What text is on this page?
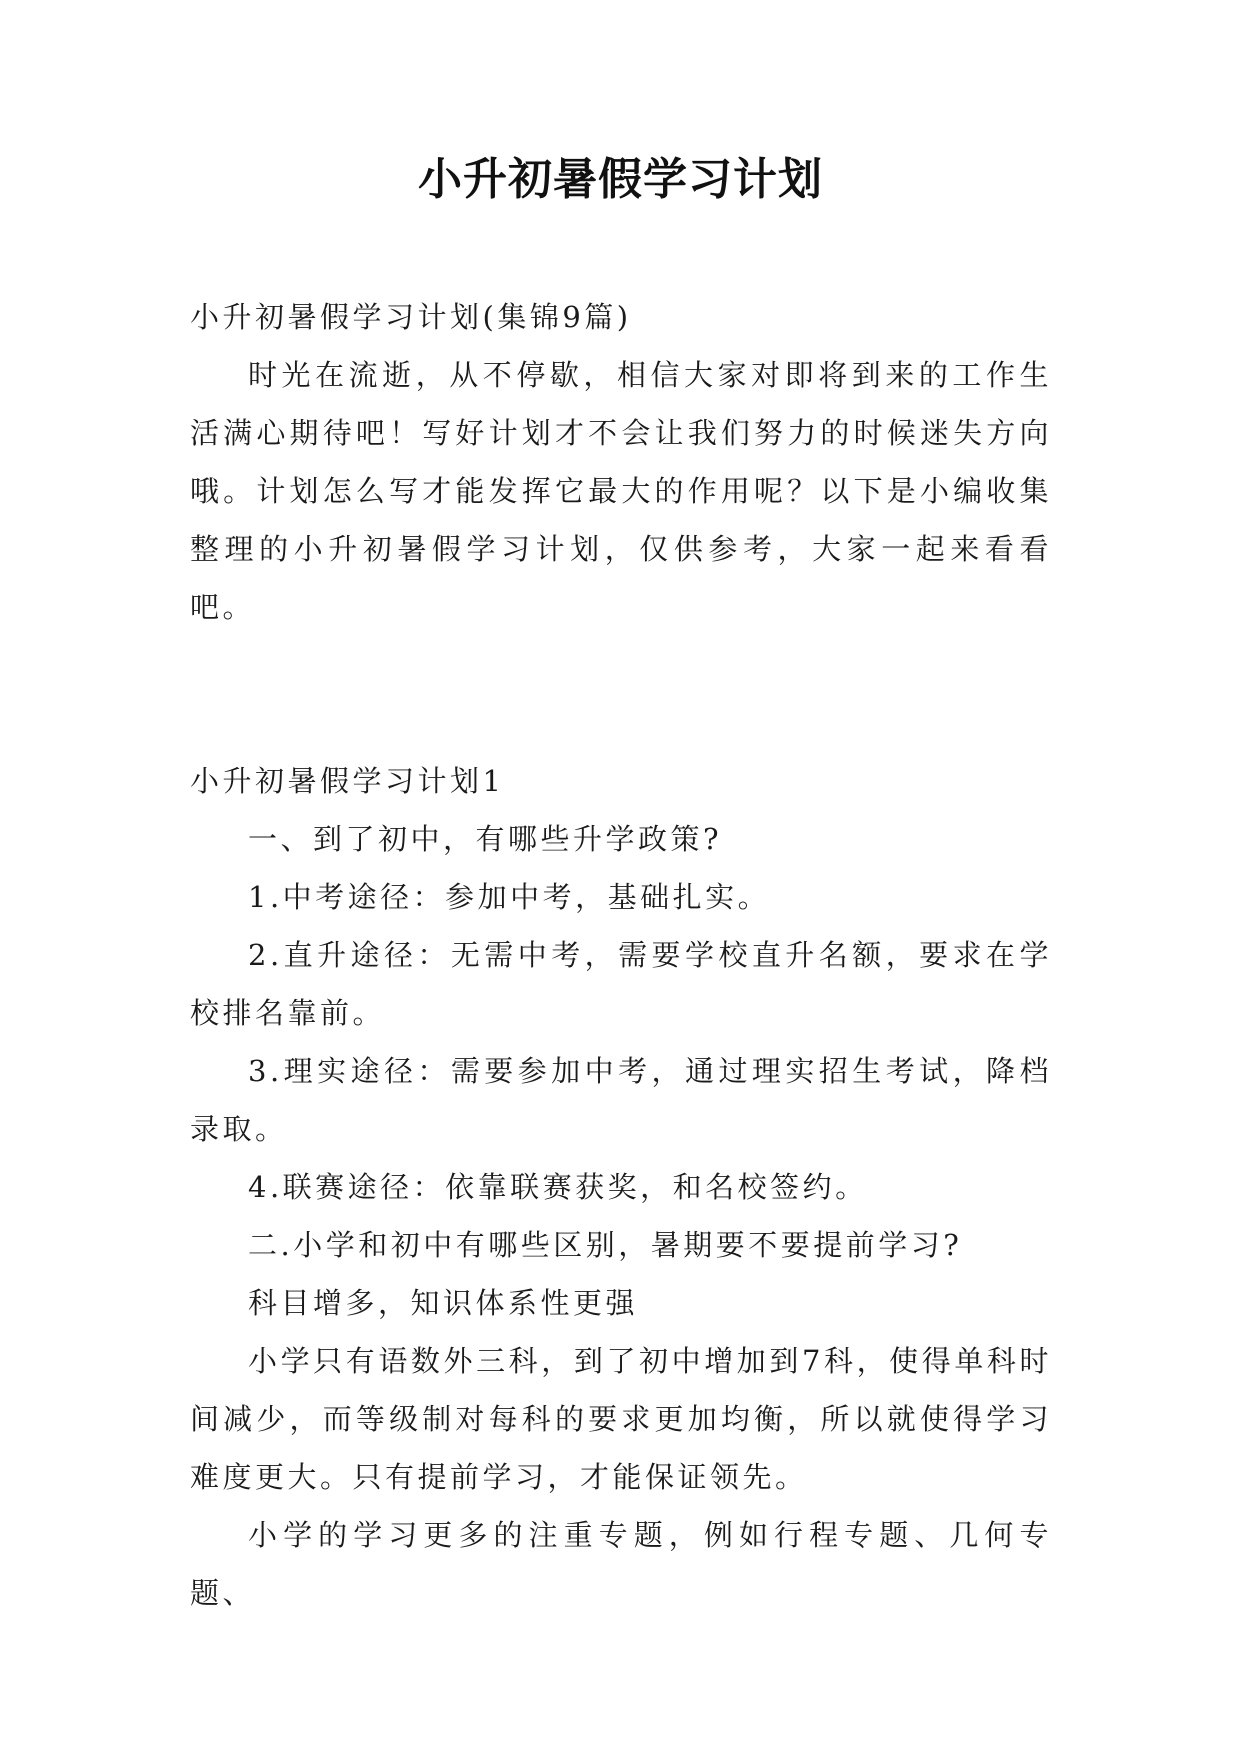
小升初暑假学习计划

小升初暑假学习计划(集锦9篇)

时光在流逝，从不停歇，相信大家对即将到来的工作生活满心期待吧！写好计划才不会让我们努力的时候迷失方向哦。计划怎么写才能发挥它最大的作用呢？以下是小编收集整理的小升初暑假学习计划，仅供参考，大家一起来看看吧。

小升初暑假学习计划1

一、到了初中，有哪些升学政策?

1.中考途径：参加中考，基础扎实。

2.直升途径：无需中考，需要学校直升名额，要求在学校排名靠前。

3.理实途径：需要参加中考，通过理实招生考试，降档录取。

4.联赛途径：依靠联赛获奖，和名校签约。

二.小学和初中有哪些区别，暑期要不要提前学习?

科目增多，知识体系性更强

小学只有语数外三科，到了初中增加到7科，使得单科时间减少，而等级制对每科的要求更加均衡，所以就使得学习难度更大。只有提前学习，才能保证领先。

小学的学习更多的注重专题，例如行程专题、几何专题、
